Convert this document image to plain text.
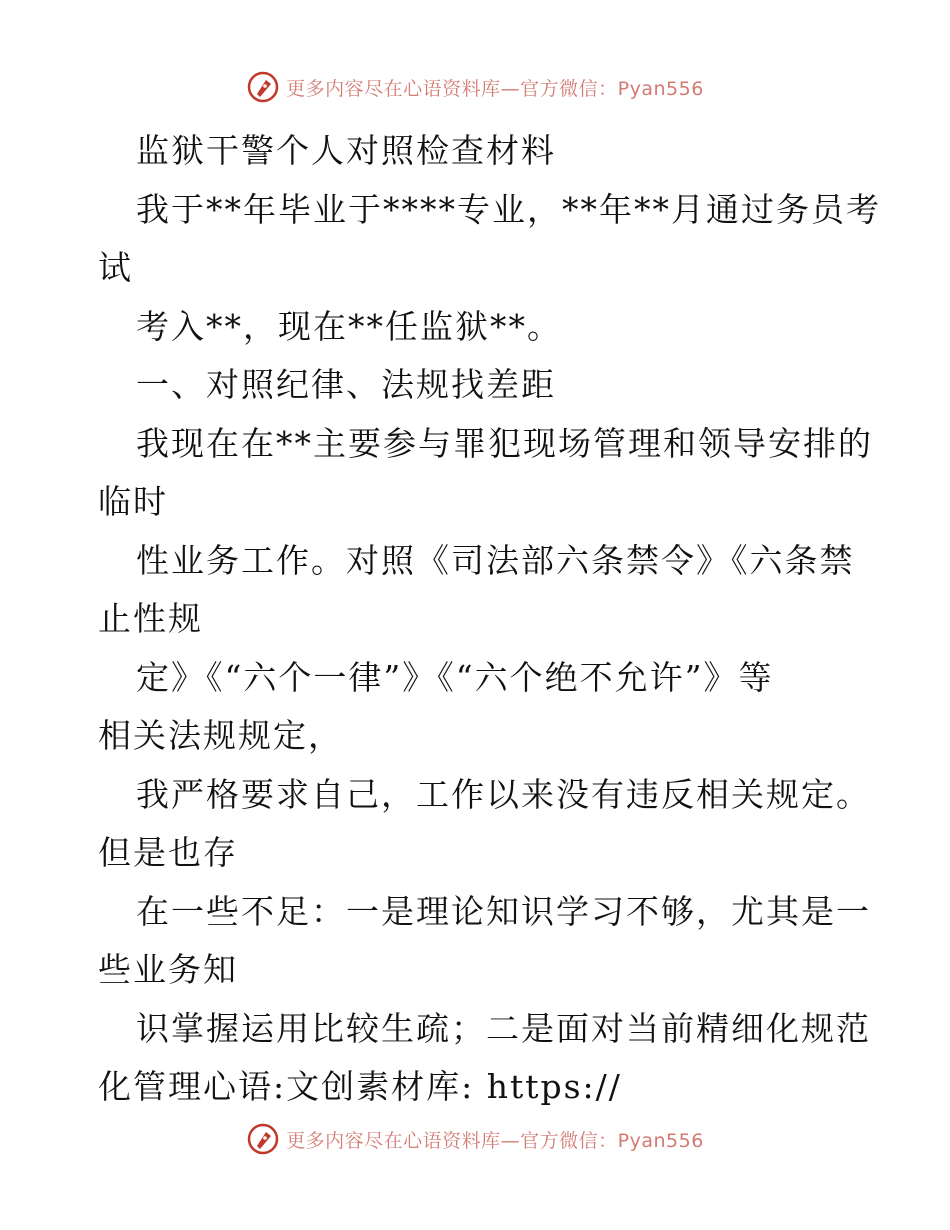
更多内容尽在心语资料库—官方微信：Pyan556
监狱干警个人对照检查材料
我于**年毕业于****专业，**年**月通过务员考
试
考入**，现在**任监狱**。
一、对照纪律、法规找差距
我现在在**主要参与罪犯现场管理和领导安排的
临时
性业务工作。对照《司法部六条禁令》《六条禁
止性规
定》《“六个一律”》《“六个绝不允许”》等
相关法规规定，
我严格要求自己，工作以来没有违反相关规定。
但是也存
在一些不足：一是理论知识学习不够，尤其是一
些业务知
识掌握运用比较生疏；二是面对当前精细化规范
化管理心语:文创素材库: https://
更多内容尽在心语资料库—官方微信：Pyan556
